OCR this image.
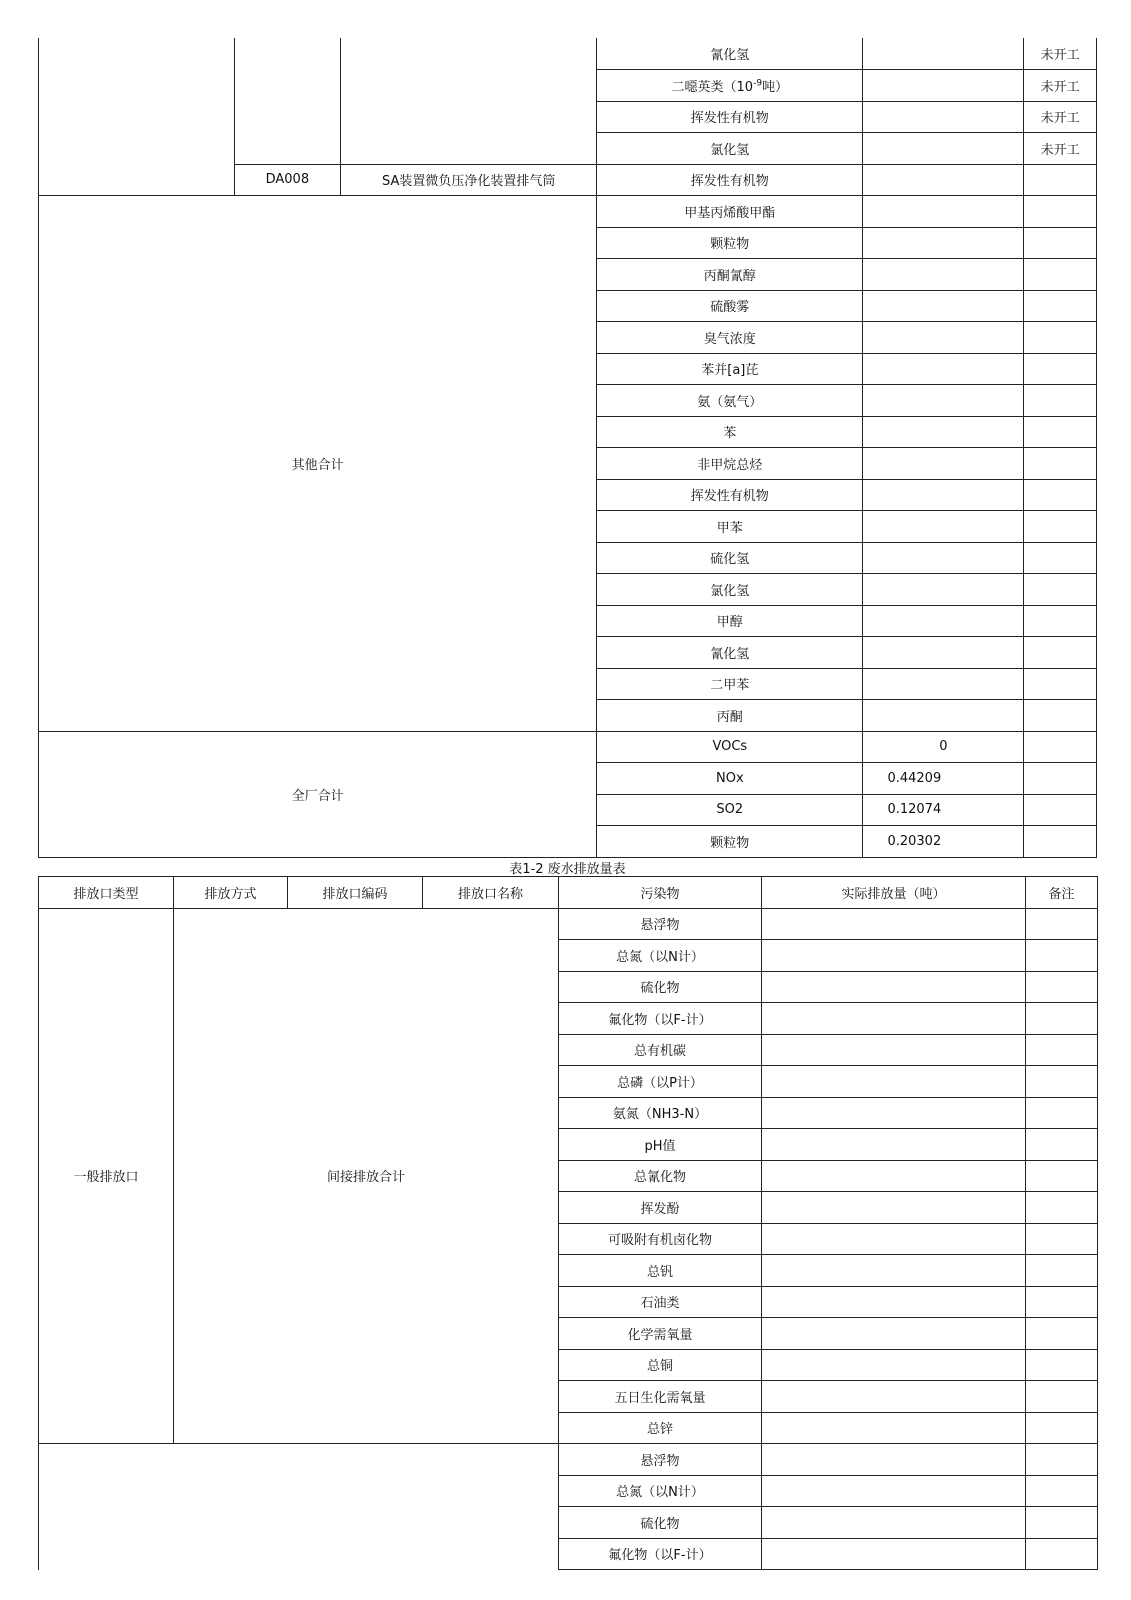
			氰化氢		未开工
			二噁英类（$10^{-9}$吨）		未开工
			挥发性有机物		未开工
			氯化氢		未开工
	DA008	SA装置微负压净化装置排气筒	挥发性有机物		
其他合计			甲基丙烯酸甲酯		
			颗粒物		
			丙酮氰醇		
			硫酸雾		
			臭气浓度		
			苯并[a]芘		
			氨（氨气）		
			苯		
			非甲烷总烃		
			挥发性有机物		
			甲苯		
			硫化氢		
			氯化氢		
			甲醇		
			氰化氢		
			二甲苯		
			丙酮		
全厂合计			VOCs	0	
			NOx	0.44209	
			SO2	0.12074	
			颗粒物	0.20302	
表1-2 废水排放量表
排放口类型	排放方式	排放口编码	排放口名称	污染物	实际排放量（吨）	备注
一般排放口	间接排放合计			悬浮物		
				总氮（以N计）		
				硫化物		
				氟化物（以F-计）		
				总有机碳		
				总磷（以P计）		
				氨氮（NH3-N）		
				pH值		
				总氰化物		
				挥发酚		
				可吸附有机卤化物		
				总钒		
				石油类		
				化学需氧量		
				总铜		
				五日生化需氧量		
				总锌		
				悬浮物		
				总氮（以N计）		
				硫化物		
				氟化物（以F-计）		
